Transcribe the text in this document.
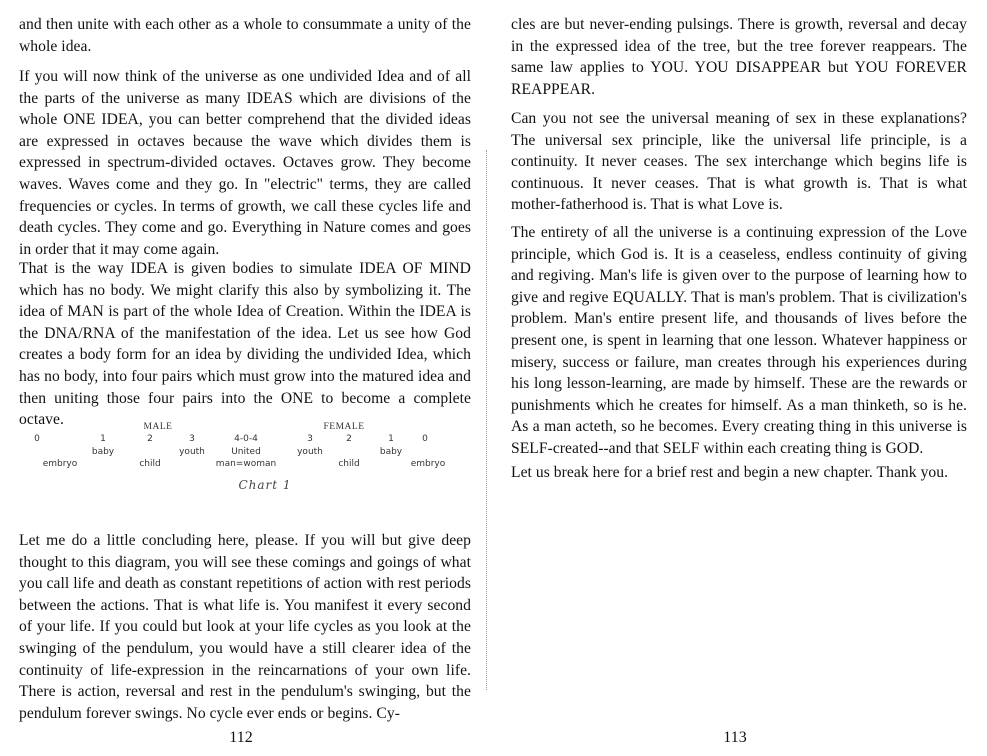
and then unite with each other as a whole to consummate a unity of the whole idea.

If you will now think of the universe as one undivided Idea and of all the parts of the universe as many IDEAS which are divisions of the whole ONE IDEA, you can better comprehend that the divided ideas are expressed in octaves because the wave which divides them is expressed in spectrum-divided octaves. Octaves grow. They become waves. Waves come and they go. In "electric" terms, they are called frequencies or cycles. In terms of growth, we call these cycles life and death cycles. They come and go. Everything in Nature comes and goes in order that it may come again.

That is the way IDEA is given bodies to simulate IDEA OF MIND which has no body. We might clarify this also by symbolizing it. The idea of MAN is part of the whole Idea of Creation. Within the IDEA is the DNA/RNA of the manifestation of the idea. Let us see how God creates a body form for an idea by dividing the undivided Idea, which has no body, into four pairs which must grow into the matured idea and then uniting those four pairs into the ONE to become a complete octave.	MALE	FEMALE
0	1	2	3	4-0-4	3	2	1	0
baby	youth	United	youth	baby
embryo	child	man=woman	child	embryo
Chart 1

Let me do a little concluding here, please. If you will but give deep thought to this diagram, you will see these comings and goings of what you call life and death as constant repetitions of action with rest periods between the actions. That is what life is. You manifest it every second of your life. If you could but look at your life cycles as you look at the swinging of the pendulum, you would have a still clearer idea of the continuity of life-expression in the reincarnations of your own life. There is action, reversal and rest in the pendulum's swinging, but the pendulum forever swings. No cycle ever ends or begins. Cy-

112

cles are but never-ending pulsings. There is growth, reversal and decay in the expressed idea of the tree, but the tree forever reappears. The same law applies to YOU. YOU DISAPPEAR but YOU FOREVER REAPPEAR.

Can you not see the universal meaning of sex in these explanations? The universal sex principle, like the universal life principle, is a continuity. It never ceases. The sex interchange which begins life is continuous. It never ceases. That is what growth is. That is what mother-fatherhood is. That is what Love is.

The entirety of all the universe is a continuing expression of the Love principle, which God is. It is a ceaseless, endless continuity of giving and regiving. Man's life is given over to the purpose of learning how to give and regive EQUALLY. That is man's problem. That is civilization's problem. Man's entire present life, and thousands of lives before the present one, is spent in learning that one lesson. Whatever happiness or misery, success or failure, man creates through his experiences during his long lesson-learning, are made by himself. These are the rewards or punishments which he creates for himself. As a man thinketh, so is he. As a man acteth, so he becomes. Every creating thing in this universe is SELF-created--and that SELF within each creating thing is GOD.

Let us break here for a brief rest and begin a new chapter. Thank you.

113
